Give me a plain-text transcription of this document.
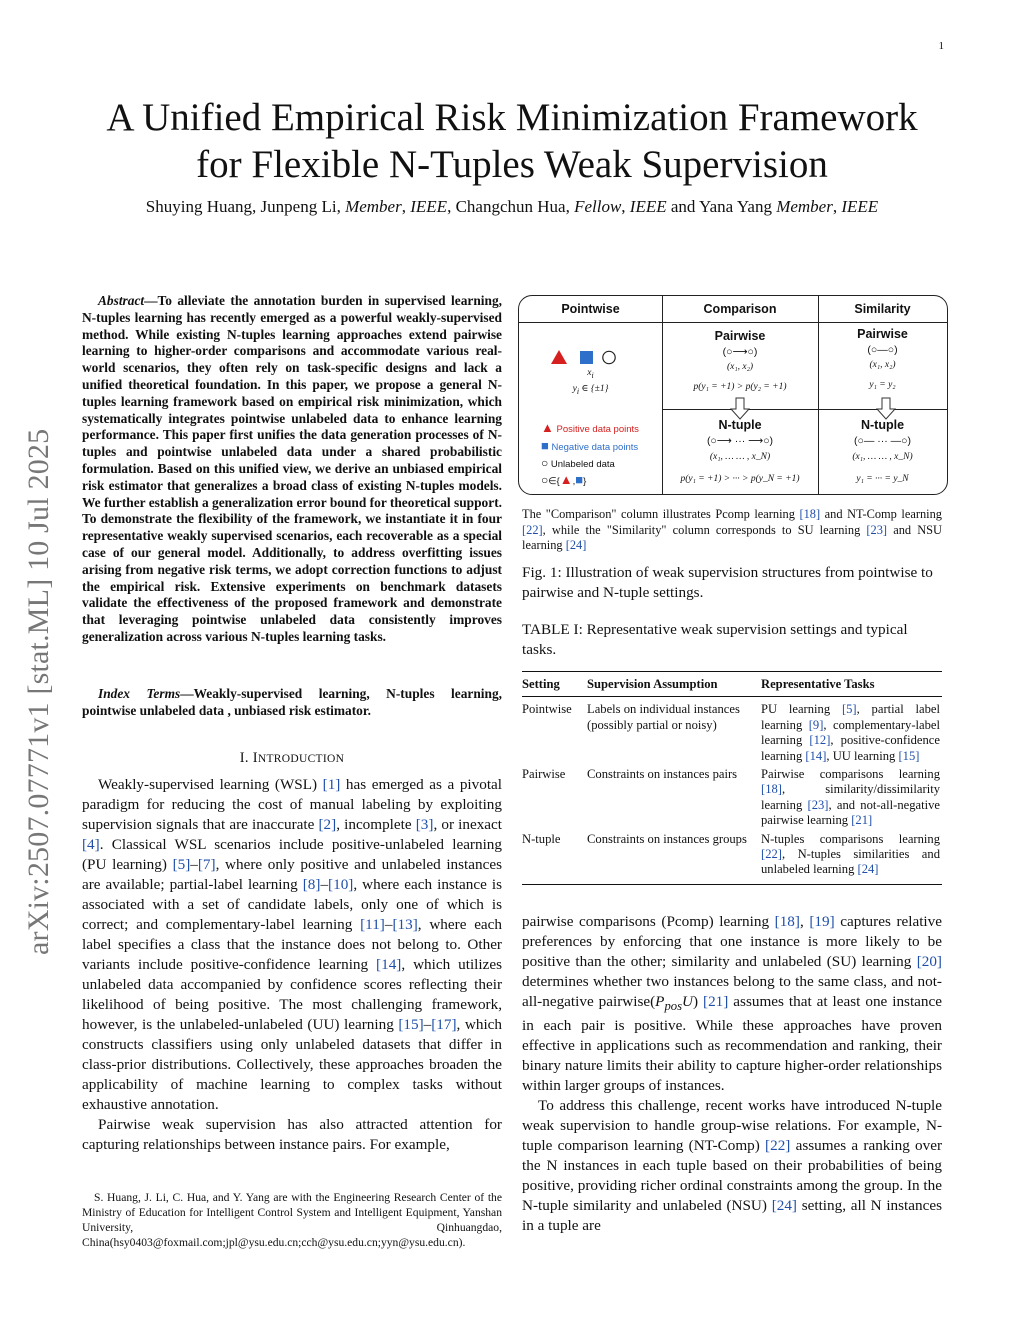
1
arXiv:2507.07771v1 [stat.ML] 10 Jul 2025
A Unified Empirical Risk Minimization Framework
for Flexible N-Tuples Weak Supervision
Shuying Huang, Junpeng Li, Member, IEEE, Changchun Hua, Fellow, IEEE and Yana Yang Member, IEEE
Abstract—To alleviate the annotation burden in supervised learning, N-tuples learning has recently emerged as a powerful weakly-supervised method. While existing N-tuples learning approaches extend pairwise learning to higher-order comparisons and accommodate various real-world scenarios, they often rely on task-specific designs and lack a unified theoretical foundation. In this paper, we propose a general N-tuples learning framework based on empirical risk minimization, which systematically integrates pointwise unlabeled data to enhance learning performance. This paper first unifies the data generation processes of N-tuples and pointwise unlabeled data under a shared probabilistic formulation. Based on this unified view, we derive an unbiased empirical risk estimator that generalizes a broad class of existing N-tuples models. We further establish a generalization error bound for theoretical support. To demonstrate the flexibility of the framework, we instantiate it in four representative weakly supervised scenarios, each recoverable as a special case of our general model. Additionally, to address overfitting issues arising from negative risk terms, we adopt correction functions to adjust the empirical risk. Extensive experiments on benchmark datasets validate the effectiveness of the proposed framework and demonstrate that leveraging pointwise unlabeled data consistently improves generalization across various N-tuples learning tasks.
Index Terms—Weakly-supervised learning, N-tuples learning, pointwise unlabeled data , unbiased risk estimator.
I. INTRODUCTION

Weakly-supervised learning (WSL) [1] has emerged as a pivotal paradigm for reducing the cost of manual labeling by exploiting supervision signals that are inaccurate [2], incomplete [3], or inexact [4]. Classical WSL scenarios include positive-unlabeled learning (PU learning) [5]–[7], where only positive and unlabeled instances are available; partial-label learning [8]–[10], where each instance is associated with a set of candidate labels, only one of which is correct; and complementary-label learning [11]–[13], where each label specifies a class that the instance does not belong to. Other variants include positive-confidence learning [14], which utilizes unlabeled data accompanied by confidence scores reflecting their likelihood of being positive. The most challenging framework, however, is the unlabeled-unlabeled (UU) learning [15]–[17], which constructs classifiers using only unlabeled datasets that differ in class-prior distributions. Collectively, these approaches broaden the applicability of machine learning to complex tasks without exhaustive annotation.

Pairwise weak supervision has also attracted attention for capturing relationships between instance pairs. For example,

S. Huang, J. Li, C. Hua, and Y. Yang are with the Engineering Research Center of the Ministry of Education for Intelligent Control System and Intelligent Equipment, Yanshan University, Qinhuangdao, China(hsy0403@foxmail.com;jpl@ysu.edu.cn;cch@ysu.edu.cn;yyn@ysu.edu.cn).
Pointwise	Comparison	Similarity
$x_i$
$y_i$ ∈ {±1}
▲ Positive data points
■ Negative data points
○ Unlabeled data
○∈{▲,■}
Pairwise
(○⟶○)
(x₁, x₂)
p(y₁ = +1) > p(y₂ = +1)
N-tuple
(○⟶ ··· ⟶○)
(x₁, … … , x_N)
p(y₁ = +1) > ··· > p(y_N = +1)
Pairwise
(○—○)
(x₁, x₂)
y₁ = y₂
N-tuple
(○— ··· —○)
(x₁, … … , x_N)
y₁ = ··· = y_N
The "Comparison" column illustrates Pcomp learning [18] and NT-Comp learning [22], while the "Similarity" column corresponds to SU learning [23] and NSU learning [24]
Fig. 1: Illustration of weak supervision structures from pointwise to pairwise and N-tuple settings.
TABLE I: Representative weak supervision settings and typical tasks.
Setting	Supervision Assumption	Representative Tasks
Pointwise	Labels on individual instances (possibly partial or noisy)	PU learning [5], partial label learning [9], complementary-label learning [12], positive-confidence learning [14], UU learning [15]
Pairwise	Constraints on instances pairs	Pairwise comparisons learning [18], similarity/dissimilarity learning [23], and not-all-negative pairwise learning [21]
N-tuple	Constraints on instances groups	N-tuples comparisons learning [22], N-tuples similarities and unlabeled learning [24]

pairwise comparisons (Pcomp) learning [18], [19] captures relative preferences by enforcing that one instance is more likely to be positive than the other; similarity and unlabeled (SU) learning [20] determines whether two instances belong to the same class, and not-all-negative $pairwise(P_{pos}U)$ [21] assumes that at least one instance in each pair is positive. While these approaches have proven effective in applications such as recommendation and ranking, their binary nature limits their ability to capture higher-order relationships within larger groups of instances.

To address this challenge, recent works have introduced N-tuple weak supervision to handle group-wise relations. For example, N-tuple comparison learning (NT-Comp) [22] assumes a ranking over the N instances in each tuple based on their probabilities of being positive, providing richer ordinal constraints among the group. In the N-tuple similarity and unlabeled (NSU) [24] setting, all N instances in a tuple are
